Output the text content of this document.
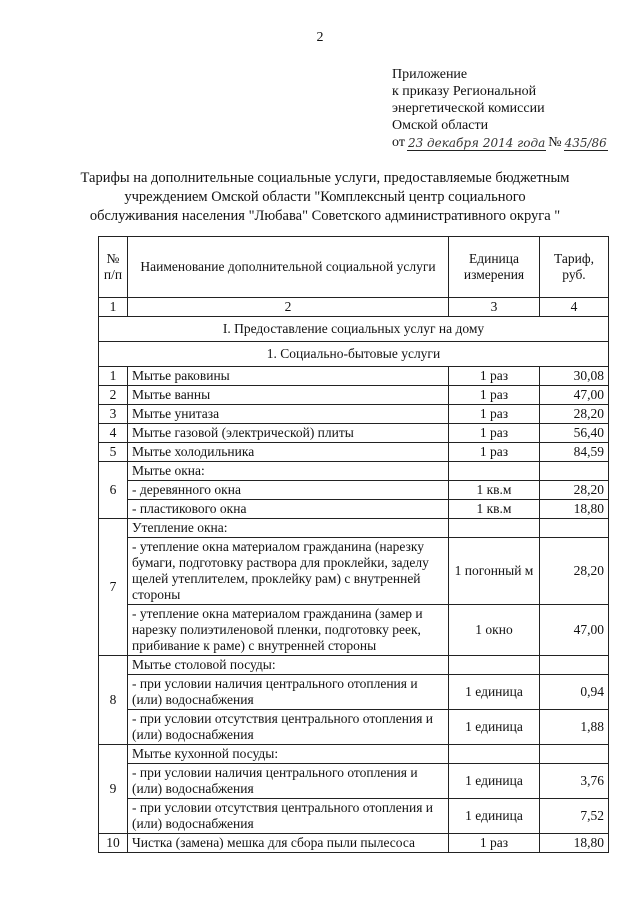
2
Приложение
к приказу Региональной
энергетической комиссии
Омской области
от 23 декабря 2014 года № 435/86
Тарифы на дополнительные социальные услуги, предоставляемые бюджетным учреждением Омской области "Комплексный центр социального обслуживания населения "Любава" Советского административного округа "
№ п/п	Наименование дополнительной социальной услуги	Единица измерения	Тариф, руб.
1	2	3	4
I. Предоставление социальных услуг на дому			
1. Социально-бытовые услуги			
1	Мытье раковины	1 раз	30,08
2	Мытье ванны	1 раз	47,00
3	Мытье унитаза	1 раз	28,20
4	Мытье газовой (электрической) плиты	1 раз	56,40
5	Мытье холодильника	1 раз	84,59
6	Мытье окна:		
	- деревянного окна	1 кв.м	28,20
	- пластикового окна	1 кв.м	18,80
7	Утепление окна:		
	- утепление окна материалом гражданина (нарезку бумаги, подготовку раствора для проклейки, заделу щелей утеплителем, проклейку рам) с внутренней стороны	1 погонный м	28,20
	- утепление окна материалом гражданина (замер и нарезку полиэтиленовой пленки, подготовку реек, прибивание к раме) с внутренней стороны	1 окно	47,00
8	Мытье столовой посуды:		
	- при условии наличия центрального отопления и (или) водоснабжения	1 единица	0,94
	- при условии отсутствия центрального отопления и (или) водоснабжения	1 единица	1,88
9	Мытье кухонной посуды:		
	- при условии наличия центрального отопления и (или) водоснабжения	1 единица	3,76
	- при условии отсутствия центрального отопления и (или) водоснабжения	1 единица	7,52
10	Чистка (замена) мешка для сбора пыли пылесоса	1 раз	18,80
